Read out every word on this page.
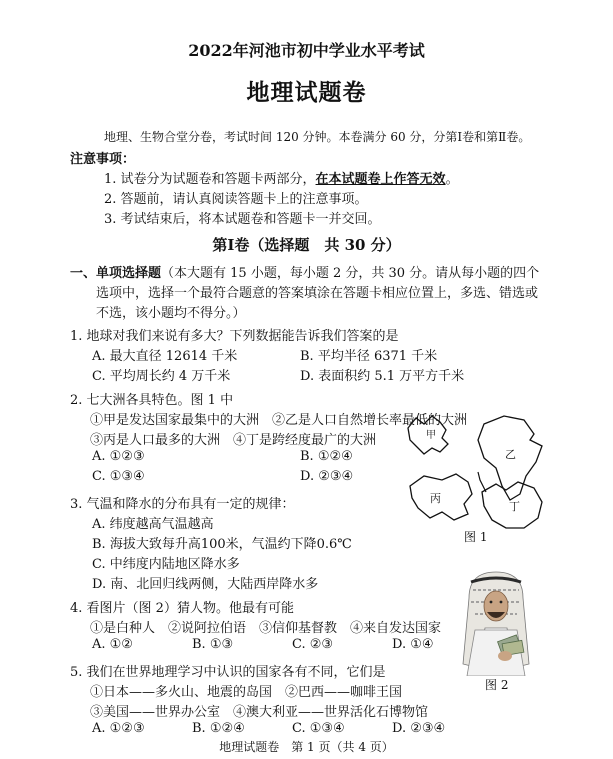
2022年河池市初中学业水平考试
地理试题卷
地理、生物合堂分卷，考试时间 120 分钟。本卷满分 60 分，分第Ⅰ卷和第Ⅱ卷。
注意事项：
1. 试卷分为试题卷和答题卡两部分，在本试题卷上作答无效。
2. 答题前，请认真阅读答题卡上的注意事项。
3. 考试结束后，将本试题卷和答题卡一并交回。
第Ⅰ卷（选择题　共 30 分）
一、单项选择题（本大题有 15 小题，每小题 2 分，共 30 分。请从每小题的四个
选项中，选择一个最符合题意的答案填涂在答题卡相应位置上，多选、错选或
不选，该小题均不得分。）
1. 地球对我们来说有多大？下列数据能告诉我们答案的是
A. 最大直径 12614 千米	B. 平均半径 6371 千米
C. 平均周长约 4 万千米	D. 表面积约 5.1 万平方千米
2. 七大洲各具特色。图 1 中
①甲是发达国家最集中的大洲　②乙是人口自然增长率最低的大洲
③丙是人口最多的大洲　④丁是跨经度最广的大洲
A. ①②③	B. ①②④
C. ①③④	D. ②③④
3. 气温和降水的分布具有一定的规律：
A. 纬度越高气温越高
B. 海拔大致每升高100米，气温约下降0.6℃
C. 中纬度内陆地区降水多
D. 南、北回归线两侧，大陆西岸降水多
4. 看图片（图 2）猜人物。他最有可能
①是白种人　②说阿拉伯语　③信仰基督教　④来自发达国家
A. ①②	B. ①③	C. ②③	D. ①④
5. 我们在世界地理学习中认识的国家各有不同，它们是
①日本——多火山、地震的岛国　②巴西——咖啡王国
③美国——世界办公室　④澳大利亚——世界活化石博物馆
A. ①②③	B. ①②④	C. ①③④	D. ②③④
甲
乙
丙
丁
图 1
图 2
地理试题卷　第 1 页（共 4 页）
